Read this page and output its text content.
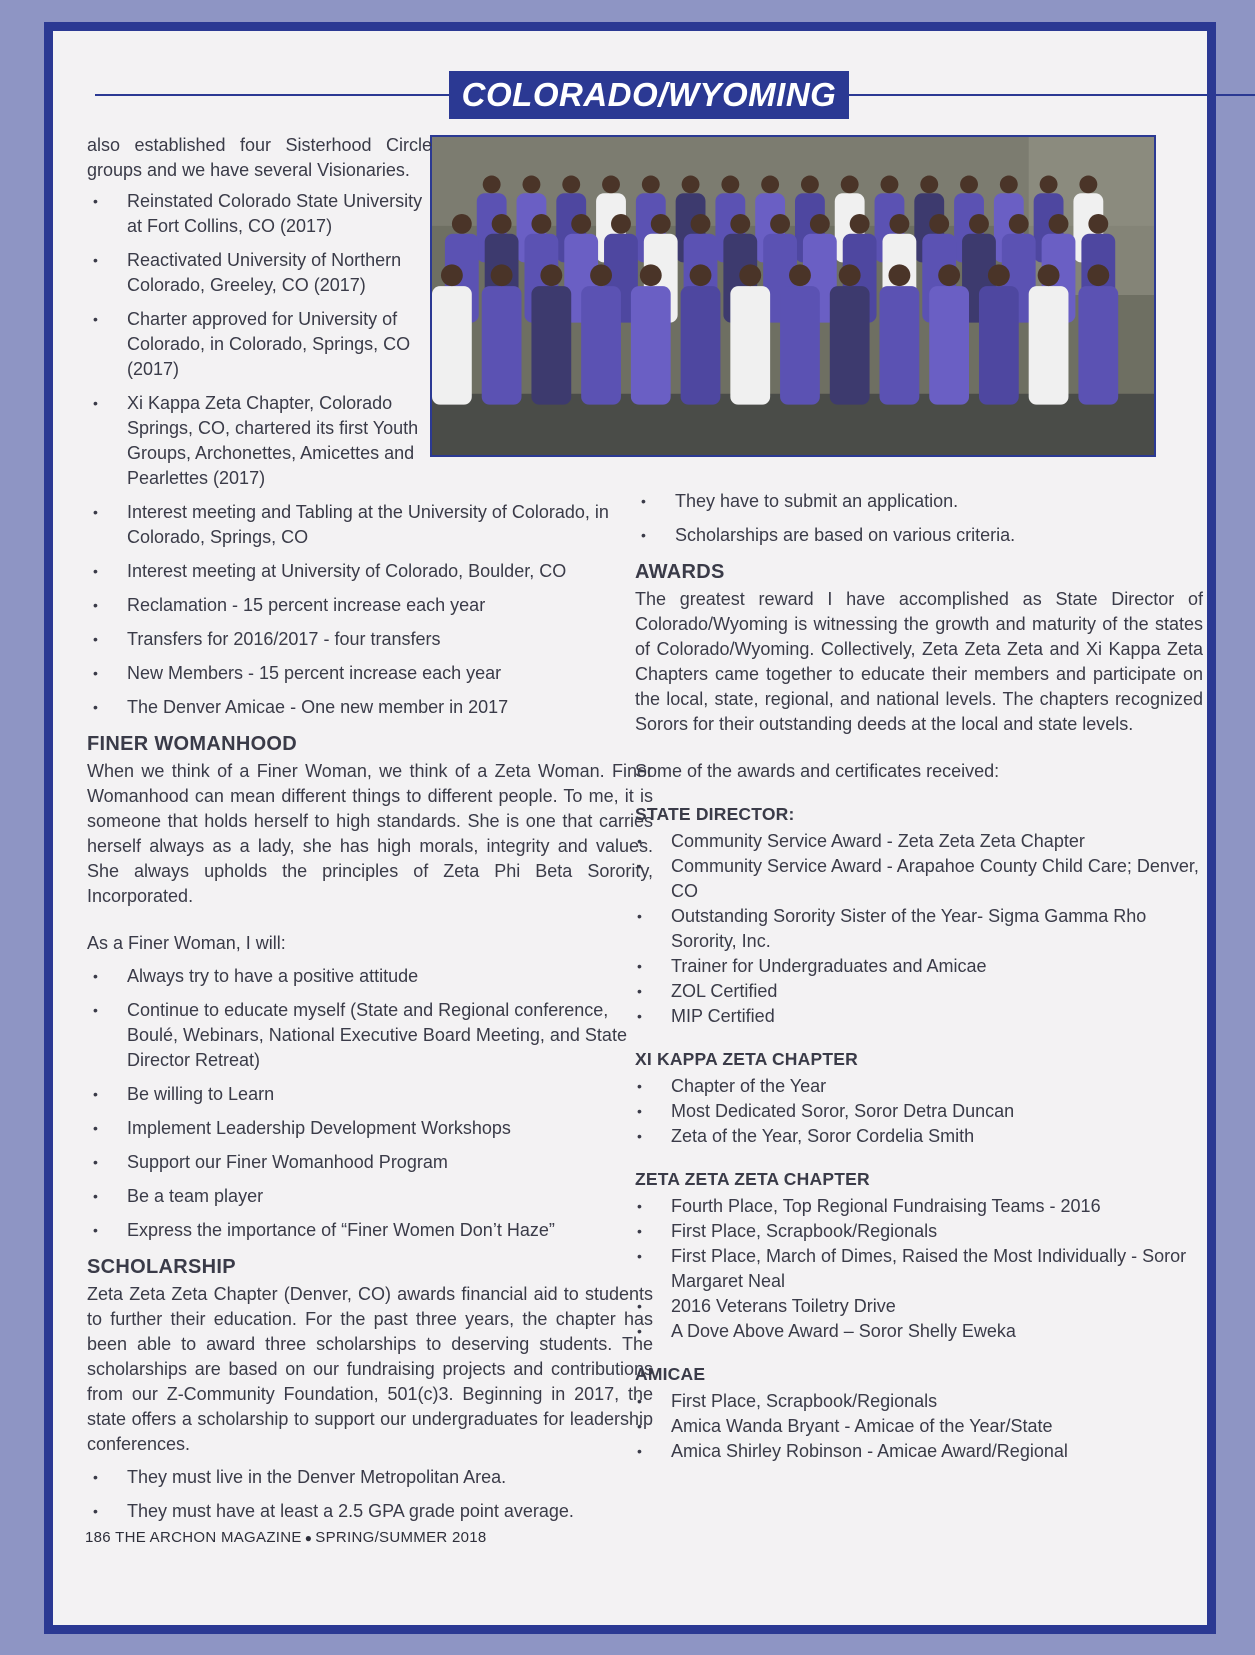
COLORADO/WYOMING

also established four Sisterhood Circle groups and we have several Visionaries.

• Reinstated Colorado State University at Fort Collins, CO (2017)
• Reactivated University of Northern Colorado, Greeley, CO (2017)
• Charter approved for University of Colorado, in Colorado, Springs, CO (2017)
• Xi Kappa Zeta Chapter, Colorado Springs, CO, chartered its first Youth Groups, Archonettes, Amicettes and Pearlettes (2017)
• Interest meeting and Tabling at the University of Colorado, in Colorado, Springs, CO
• Interest meeting at University of Colorado, Boulder, CO
• Reclamation - 15 percent increase each year
• Transfers for 2016/2017 - four transfers
• New Members - 15 percent increase each year
• The Denver Amicae - One new member in 2017
FINER WOMANHOOD

When we think of a Finer Woman, we think of a Zeta Woman. Finer Womanhood can mean different things to different people. To me, it is someone that holds herself to high standards. She is one that carries herself always as a lady, she has high morals, integrity and values. She always upholds the principles of Zeta Phi Beta Sorority, Incorporated.

As a Finer Woman, I will:

• Always try to have a positive attitude
• Continue to educate myself (State and Regional conference, Boulé, Webinars, National Executive Board Meeting, and State Director Retreat)
• Be willing to Learn
• Implement Leadership Development Workshops
• Support our Finer Womanhood Program
• Be a team player
• Express the importance of “Finer Women Don’t Haze”
SCHOLARSHIP

Zeta Zeta Zeta Chapter (Denver, CO) awards financial aid to students to further their education. For the past three years, the chapter has been able to award three scholarships to deserving students. The scholarships are based on our fundraising projects and contributions from our Z-Community Foundation, 501(c)3. Beginning in 2017, the state offers a scholarship to support our undergraduates for leadership conferences.

• They must live in the Denver Metropolitan Area.
• They must have at least a 2.5 GPA grade point average.
• They have to submit an application.
• Scholarships are based on various criteria.
AWARDS

The greatest reward I have accomplished as State Director of Colorado/Wyoming is witnessing the growth and maturity of the states of Colorado/Wyoming. Collectively, Zeta Zeta Zeta and Xi Kappa Zeta Chapters came together to educate their members and participate on the local, state, regional, and national levels. The chapters recognized Sorors for their outstanding deeds at the local and state levels.

Some of the awards and certificates received:

STATE DIRECTOR:
• Community Service Award - Zeta Zeta Zeta Chapter
• Community Service Award - Arapahoe County Child Care; Denver, CO
• Outstanding Sorority Sister of the Year- Sigma Gamma Rho Sorority, Inc.
• Trainer for Undergraduates and Amicae
• ZOL Certified
• MIP Certified
XI KAPPA ZETA CHAPTER
• Chapter of the Year
• Most Dedicated Soror, Soror Detra Duncan
• Zeta of the Year, Soror Cordelia Smith
ZETA ZETA ZETA CHAPTER
• Fourth Place, Top Regional Fundraising Teams - 2016
• First Place, Scrapbook/Regionals
• First Place, March of Dimes, Raised the Most Individually - Soror Margaret Neal
• 2016 Veterans Toiletry Drive
• A Dove Above Award – Soror Shelly Eweka
AMICAE
• First Place, Scrapbook/Regionals
• Amica Wanda Bryant - Amicae of the Year/State
• Amica Shirley Robinson - Amicae Award/Regional
186 THE ARCHON MAGAZINE ● SPRING/SUMMER 2018
